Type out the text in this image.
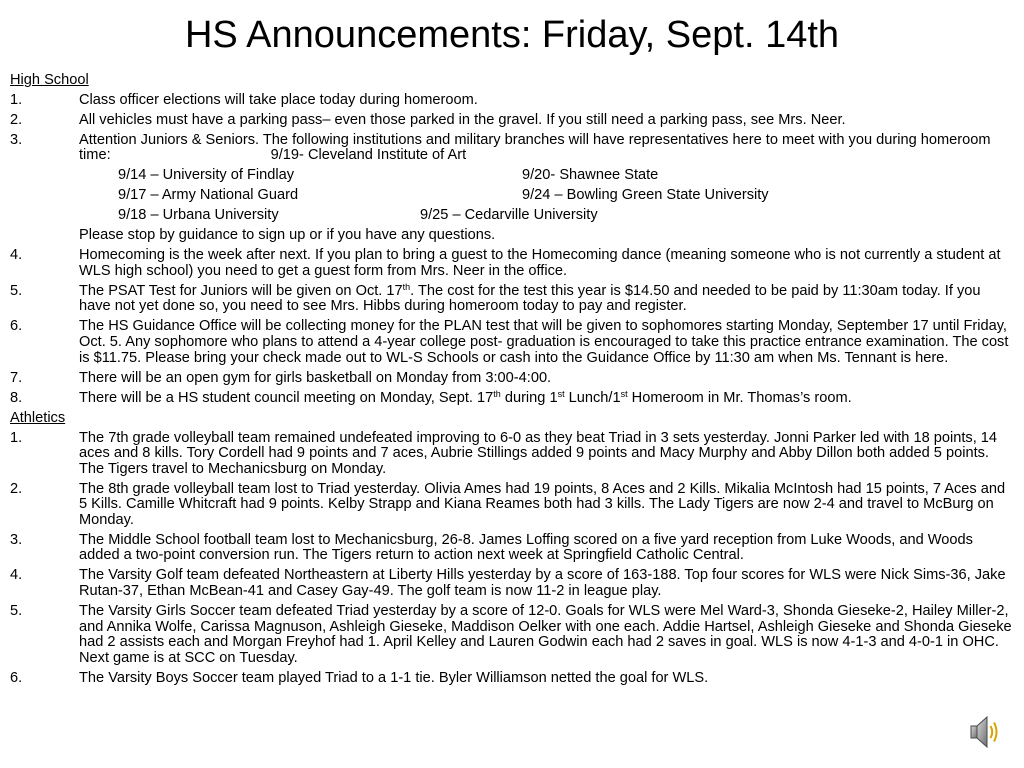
HS Announcements: Friday, Sept. 14th
High School
1.	Class officer elections will take place today during homeroom.
2.	All vehicles must have a parking pass– even those parked in the gravel. If you still need a parking pass, see Mrs. Neer.
3.	Attention Juniors & Seniors. The following institutions and military branches will have representatives here to meet with you during homeroom time:	9/19- Cleveland Institute of Art
9/14 – University of Findlay	9/20- Shawnee State
9/17 – Army National Guard	9/24 – Bowling Green State University
9/18 – Urbana University	9/25 – Cedarville University
Please stop by guidance to sign up or if you have any questions.
4.	Homecoming is the week after next. If you plan to bring a guest to the Homecoming dance (meaning someone who is not currently a student at WLS high school) you need to get a guest form from Mrs. Neer in the office.
5.	The PSAT Test for Juniors will be given on Oct. 17th. The cost for the test this year is $14.50 and needed to be paid by 11:30am today. If you have not yet done so, you need to see Mrs. Hibbs during homeroom today to pay and register.
6.	The HS Guidance Office will be collecting money for the PLAN test that will be given to sophomores starting Monday, September 17 until Friday, Oct. 5. Any sophomore who plans to attend a 4-year college post- graduation is encouraged to take this practice entrance examination. The cost is $11.75. Please bring your check made out to WL-S Schools or cash into the Guidance Office by 11:30 am when Ms. Tennant is here.
7.	There will be an open gym for girls basketball on Monday from 3:00-4:00.
8.	There will be a HS student council meeting on Monday, Sept. 17th during 1st Lunch/1st Homeroom in Mr. Thomas’s room.
Athletics
1.	The 7th grade volleyball team remained undefeated improving to 6-0 as they beat Triad in 3 sets yesterday. Jonni Parker led with 18 points, 14 aces and 8 kills. Tory Cordell had 9 points and 7 aces, Aubrie Stillings added 9 points and Macy Murphy and Abby Dillon both added 5 points. The Tigers travel to Mechanicsburg on Monday.
2.	The 8th grade volleyball team lost to Triad yesterday. Olivia Ames had 19 points, 8 Aces and 2 Kills. Mikalia McIntosh had 15 points, 7 Aces and 5 Kills. Camille Whitcraft had 9 points. Kelby Strapp and Kiana Reames both had 3 kills. The Lady Tigers are now 2-4 and travel to McBurg on Monday.
3.	The Middle School football team lost to Mechanicsburg, 26-8. James Loffing scored on a five yard reception from Luke Woods, and Woods added a two-point conversion run. The Tigers return to action next week at Springfield Catholic Central.
4.	The Varsity Golf team defeated Northeastern at Liberty Hills yesterday by a score of 163-188. Top four scores for WLS were Nick Sims-36, Jake Rutan-37, Ethan McBean-41 and Casey Gay-49. The golf team is now 11-2 in league play.
5.	The Varsity Girls Soccer team defeated Triad yesterday by a score of 12-0. Goals for WLS were Mel Ward-3, Shonda Gieseke-2, Hailey Miller-2, and Annika Wolfe, Carissa Magnuson, Ashleigh Gieseke, Maddison Oelker with one each. Addie Hartsel, Ashleigh Gieseke and Shonda Gieseke had 2 assists each and Morgan Freyhof had 1. April Kelley and Lauren Godwin each had 2 saves in goal. WLS is now 4-1-3 and 4-0-1 in OHC. Next game is at SCC on Tuesday.
6.	The Varsity Boys Soccer team played Triad to a 1-1 tie. Byler Williamson netted the goal for WLS.
